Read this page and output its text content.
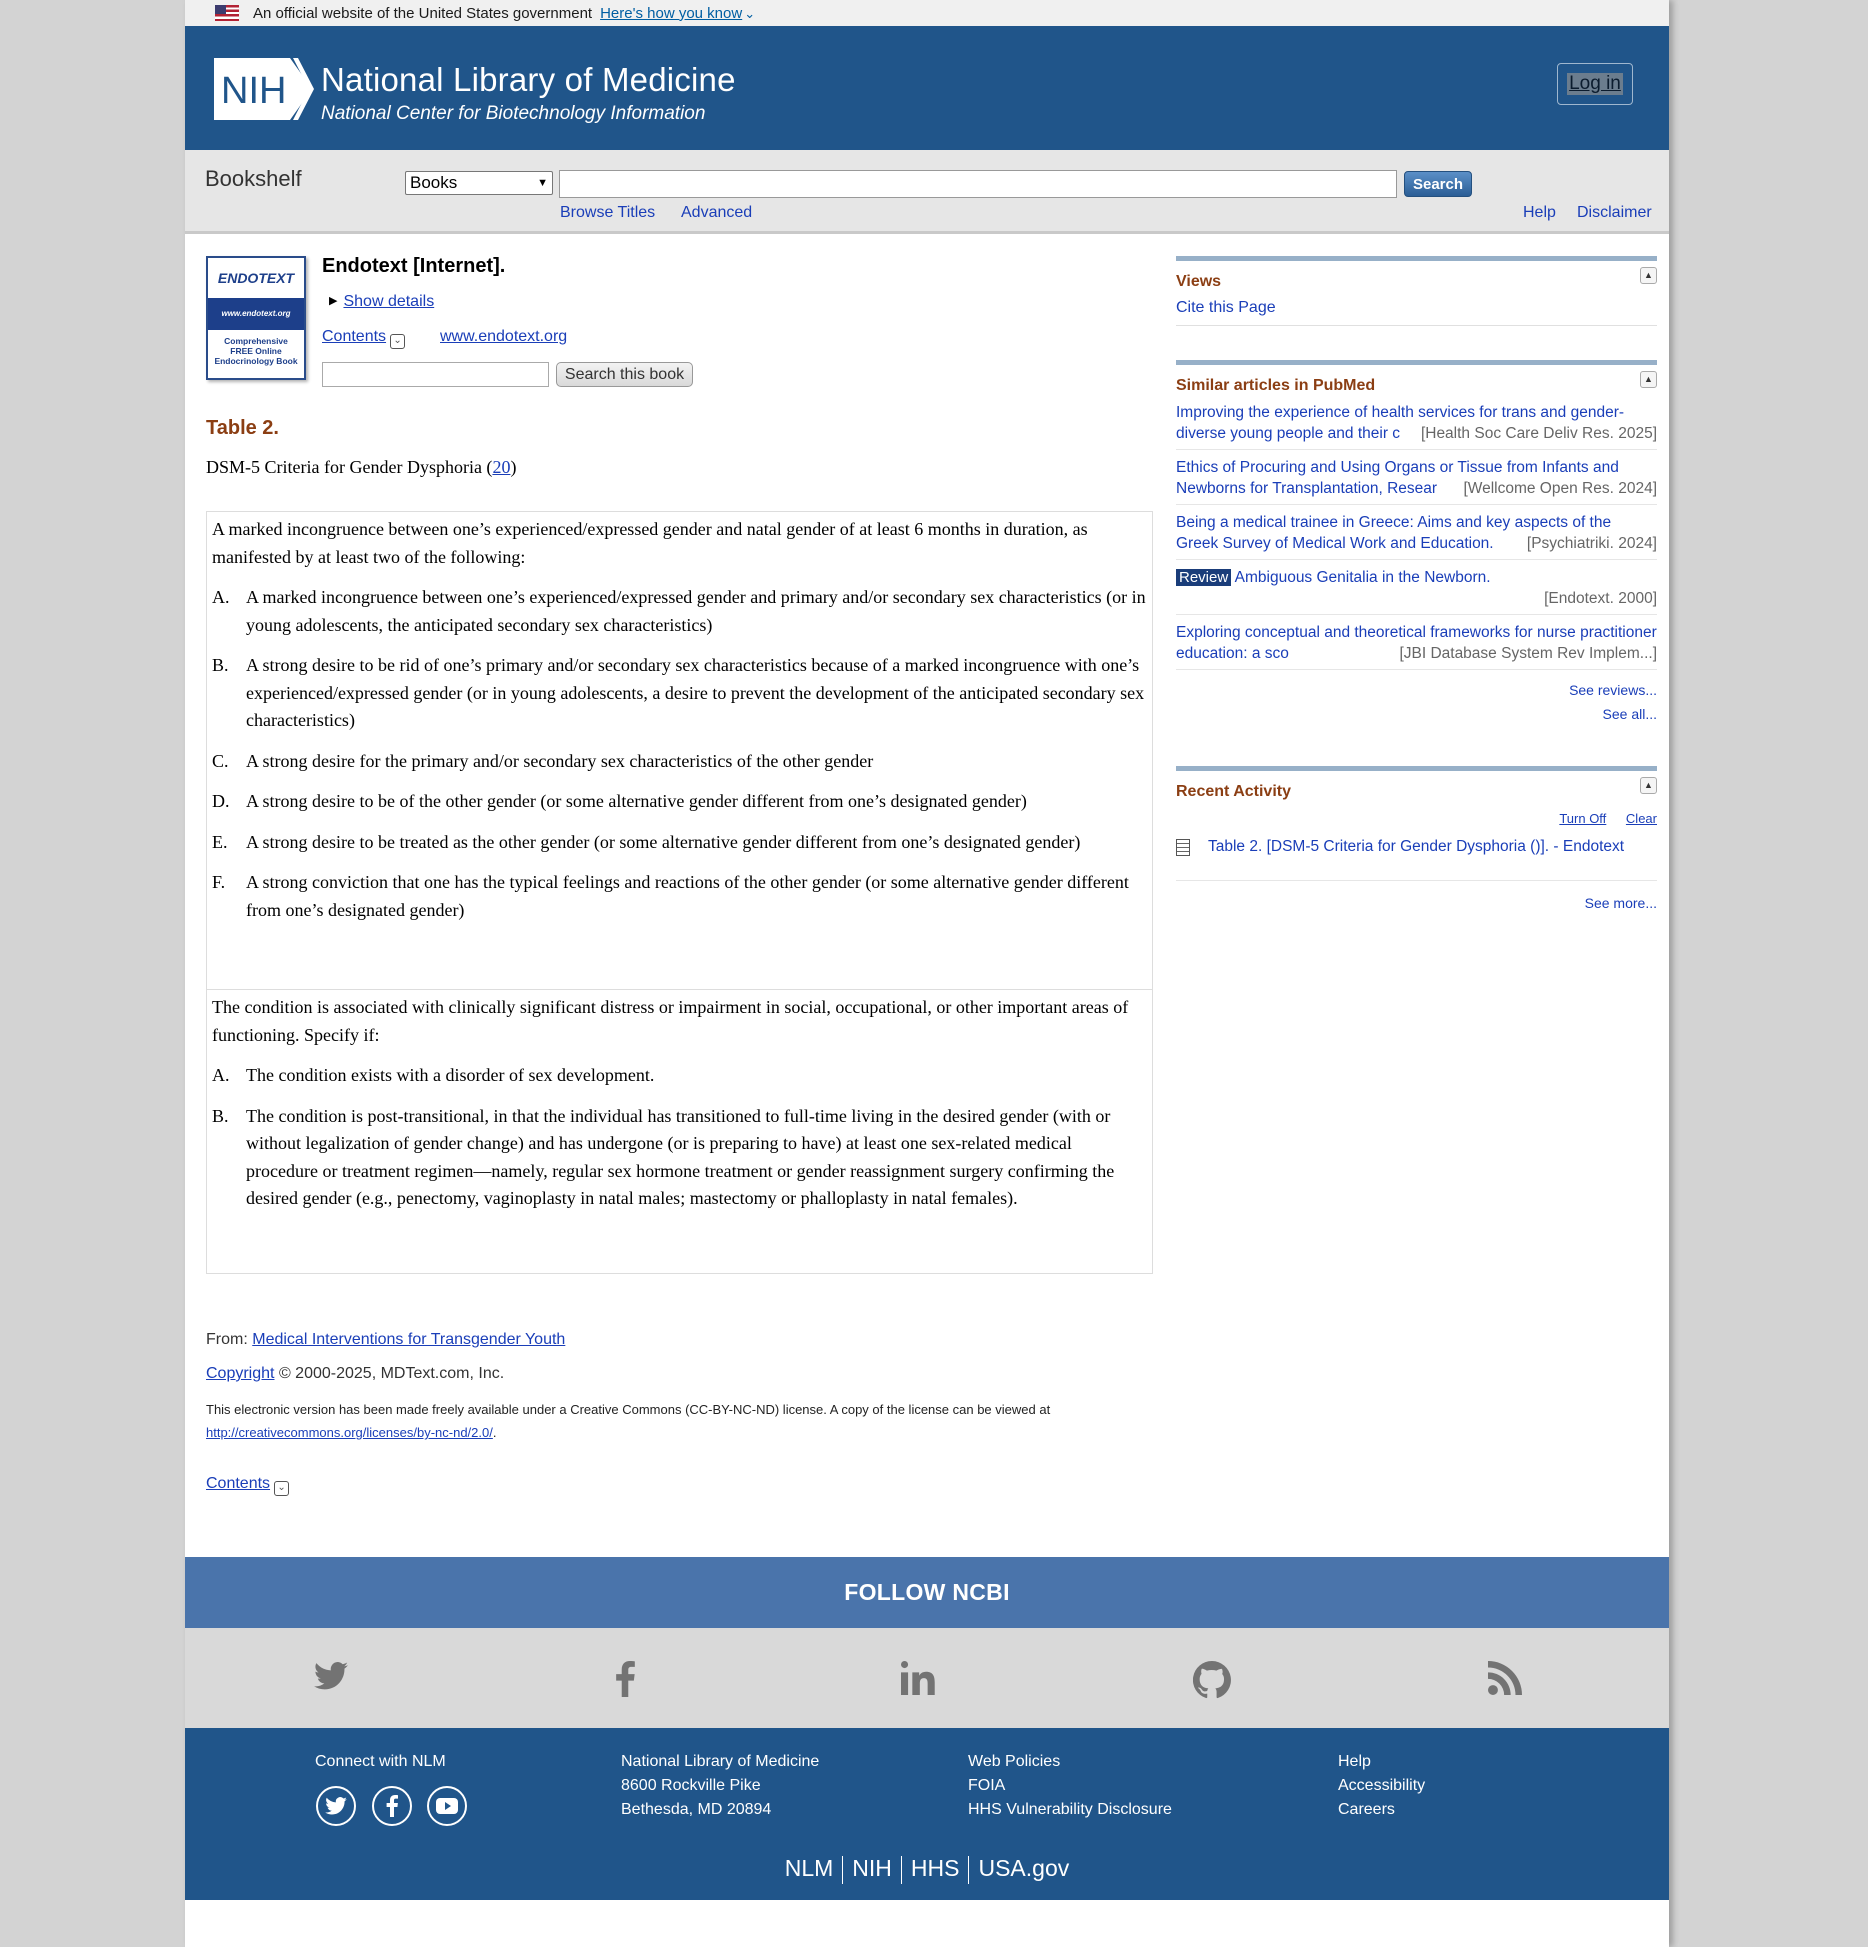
An official website of the United States government Here's how you know ⌄
NIH National Library of Medicine
National Center for Biotechnology Information
Log in
Bookshelf	Books	▼	Search
Browse Titles Advanced	Help Disclaimer
ENDOTEXT
www.endotext.org
Comprehensive
FREE Online
Endocrinology Book
Endotext [Internet].
▶ Show details
Contents ⌄ www.endotext.org
Search this book
Table 2.
DSM-5 Criteria for Gender Dysphoria (20)

A marked incongruence between one’s experienced/expressed gender and natal gender of at least 6 months in duration, as manifested by at least two of the following:

A. A marked incongruence between one’s experienced/expressed gender and primary and/or secondary sex characteristics (or in young adolescents, the anticipated secondary sex characteristics)
B. A strong desire to be rid of one’s primary and/or secondary sex characteristics because of a marked incongruence with one’s experienced/expressed gender (or in young adolescents, a desire to prevent the development of the anticipated secondary sex characteristics)
C. A strong desire for the primary and/or secondary sex characteristics of the other gender
D. A strong desire to be of the other gender (or some alternative gender different from one’s designated gender)
E.	A strong desire to be treated as the other gender (or some alternative gender different from one’s designated gender)
F.	A strong conviction that one has the typical feelings and reactions of the other gender (or some alternative gender different from one’s designated gender)

The condition is associated with clinically significant distress or impairment in social, occupational, or other important areas of functioning. Specify if:

A. The condition exists with a disorder of sex development.
B. The condition is post-transitional, in that the individual has transitioned to full-time living in the desired gender (with or without legalization of gender change) and has undergone (or is preparing to have) at least one sex-related medical procedure or treatment regimen—namely, regular sex hormone treatment or gender reassignment surgery confirming the desired gender (e.g., penectomy, vaginoplasty in natal males; mastectomy or phalloplasty in natal females).
From: Medical Interventions for Transgender Youth
Copyright © 2000-2025, MDText.com, Inc.
This electronic version has been made freely available under a Creative Commons (CC-BY-NC-ND) license. A copy of the license can be viewed at
http://creativecommons.org/licenses/by-nc-nd/2.0/.
Contents ⌄
Views	▲
Cite this Page
Similar articles in PubMed	▲
Improving the experience of health services for trans and gender-diverse young people and their c [Health Soc Care Deliv Res. 2025]
Ethics of Procuring and Using Organs or Tissue from Infants and Newborns for Transplantation, Resear [Wellcome Open Res. 2024]
Being a medical trainee in Greece: Aims and key aspects of the Greek Survey of Medical Work and Education. [Psychiatriki. 2024]
Review Ambiguous Genitalia in the Newborn.

[Endotext. 2000]
Exploring conceptual and theoretical frameworks for nurse practitioner education: a sco	[JBI Database System Rev Implem...]
See reviews...
See all...
Recent Activity	▲
Turn Off Clear
Table 2. [DSM-5 Criteria for Gender Dysphoria ()]. - Endotext
See more...
FOLLOW NCBI
Connect with NLM	National Library of Medicine
8600 Rockville Pike
Bethesda, MD 20894
Web Policies
FOIA
HHS Vulnerability Disclosure
Help
Accessibility
Careers
NLM NIH HHS USA.gov
